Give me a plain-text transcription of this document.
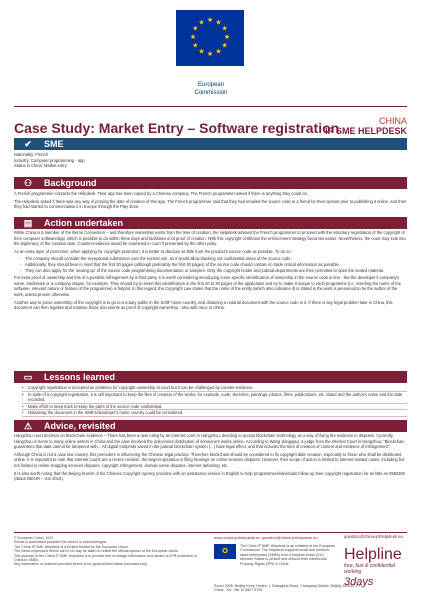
★ ★
★
★
★
★
★
★
★
★
★
★
European
Commission
Case Study: Market Entry – Software registration	CHINA
IP SME HELPDESK
✔	SME
Nationality: French
Industry: Computer programming - app
Status in China: Market entry
⚇	Background

A French programmer contacts the Helpdesk. Their app has been copied by a Chinese company. The French programmer asked if there is anything they could do.

The Helpdesk asked if there was any way of proving the date of creation of this app. The French programmer said that they had emailed the source code to a friend for their opinion prior to publishing it online, and then they had started to commercialise it in Europe through the Play store.

▤	Action undertaken

While China is a member of the Berne Convention – and therefore ownership exists from the time of creation, the Helpdesk advised the French programmer to proceed with the voluntary registration of the copyright of their computer software/app, which is possible to do within three days and facilitates a lot proof of creation. With this copyright certificate the enforcement strategy becomes easier. Nevertheless, the court may look into the legitimacy of the creation date. Counter-evidence would be examined in court if presented by the other party.

As an extra layer of protection, when applying for copyright protection, it is better to disclose as little from the product's source code as possible. To do so:

- The company should consider the exceptional submission over the normal one, as it would allow blacking out confidential areas of the source code.
- Additionally, they should bear in mind that the first 30 pages (although preferably the first 30 pages) of the source code should contain no trade critical information as possible.
- They can also apply for the 'sealing up' of the source code programming documentation or samples. Only the copyright holder and judicial departments are then permitted to open the sealed material.

For extra proof of ownership and this of a possible infringement by a third party, it is worth considering introducing some specific identification of ownership in the source code in-line - like the developer's company's name, trademark or a company slogan, for example. They should try to insert this identification in the first 10 to 30 pages of the application and try to make it unique to each programme (i.e. inserting the name of the software, relevant nature or feature of the programme) is helpful. In this regard, the Copyright Law states that the name of the entity (which also indicates it) is stated in the work is presumed to be the author of the work, unless proven otherwise.

Another way to prove ownership of the copyright is to go to a notary public in the SoftF home country, and obtaining a notarial document with the source code in it. If there is any legal problem later in China, this document can then legalise and notarise those documents as proof of copyright ownership - also with trace in China.

▭	Lessons learned
• Copyright registration is accepted as evidence for copyright ownership at court but it can be challenged by counter-evidence.
• In spite of a copyright registration, it is still important to keep the files of creation of the works, for example, code, sketches, paintings, photos, films, publications, etc. dated and the author's name and the date recorded.
• Make effort to keep track to keep the parts of the source code confidential.
• Notarising the document in the SME's/developer's home country could be considered.
⚠	Advice, revisited

Hangzhou court decision on blockchain evidence – There has been a new ruling by an Internet court in Hangzhou, deciding to accept blockchain technology as a way of fixing the evidence in disputes. Currently, Hangzhou is home to many online writers in China and the case involved the unlicensed distribution of someone's works online. According to Wang Jiangqiao, a judge from the Internet Court in Hangzhou: "Blockchain guarantees that data cannot be tampered with... All digital footprints saved in the judicial blockchain system (...) have legal effect, and that includes the time of creation of content and evidence of infringement".

Although China is not a case law country, this precedent is influencing the Chinese legal practice. Therefore blockchain should be considered to fix copyright date creation, especially to those who shall be distributed online. It is important to note that Internet courts are a recent creation: the largest operation is filing hearings on online services disputes. However, their scope of action is limited to Internet-related cases, including but not limited to online shopping services disputes, copyright infringement, domain name disputes, internet defaming, etc.

It is also worth noting that the Beijing branch of the Chinese Copyright Agency provides with an assistance service in English to help programmes/individuals follow up their copyright registration for as little as RMB200 (about 25EUR – Jun 2019).

© European Union, 2021
Reuse is authorised provided the source is acknowledged.
The China IP SME Helpdesk is a project funded by the European Union.
The views expressed herein can in no way be taken to reflect the official opinion of the European Union.
The purpose of the China IP SME Helpdesk is to provide free of charge information and advice on IPR protection in China to SMEs.
Any information or material provided herein is for general information purposes only.
www.china-iprhelpdesk.eu question@china-iprhelpdesk.eu
✪
The China IP SME Helpdesk is an initiative of the European Commission. The Helpdesk supports small and medium-sized enterprises (SMEs) from European Union (EU) Member States to protect and enforce their Intellectual Property Rights (IPR) in China.
Room 2008, Beijing Kerry Centre, 1 Guanghua Road, Chaoyang District, Beijing 100020, P.R. China · Tel: +86 10 8527 5705
question@china-iprhelpdesk.eu
Helpline
free, fast & confidential
working
3days
